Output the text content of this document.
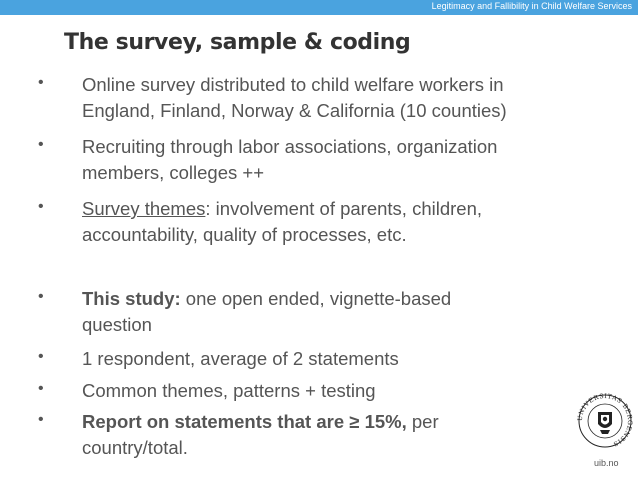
Legitimacy and Fallibility in Child Welfare Services
The survey, sample & coding
• Online survey distributed to child welfare workers in
England, Finland, Norway & California (10 counties)
• Recruiting through labor associations, organization
members, colleges ++
• Survey themes: involvement of parents, children,
accountability, quality of processes, etc.
• This study: one open ended, vignette-based
question
• 1 respondent, average of 2 statements
• Common themes, patterns + testing
• Report on statements that are ≥ 15%, per
country/total.
UNIVERSITAS BERGENSIS
uib.no
